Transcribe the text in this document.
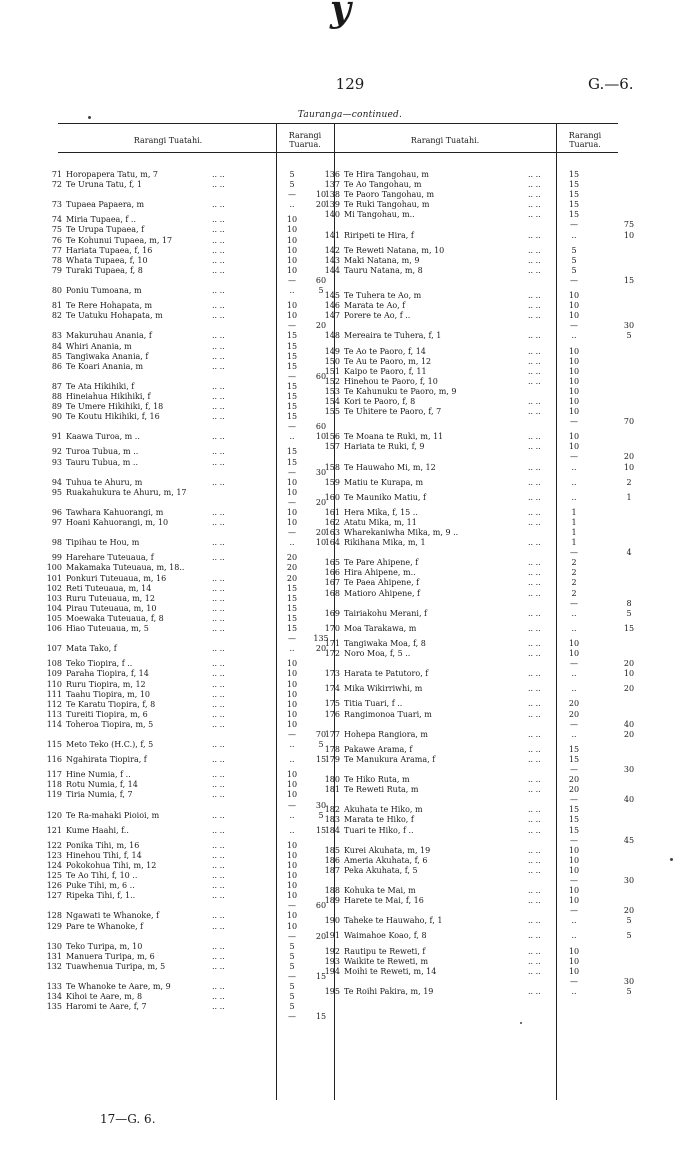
y
129	G.—6.
Tauranga—continued.
Rarangi Tuatahi.
Rarangi Tuarua.	Rarangi Tuatahi.
Rarangi Tuarua.
71 Horopapera Tatu, m, 7	.. ..	5
72 Te Uruna Tatu, f, 1	.. ..	5
—	10
73 Tupaea Papaera, m	.. ..	..	20
74 Miria Tupaea, f ..	.. ..	10
75 Te Urupa Tupaea, f	.. ..	10
76 Te Kohunui Tupaea, m, 17	.. ..	10
77 Hariata Tupaea, f, 16	.. ..	10
78 Whata Tupaea, f, 10	.. ..	10
79 Turaki Tupaea, f, 8	.. ..	10
—	60
80 Poniu Tumoana, m	.. ..	..	5
81 Te Rere Hohapata, m	.. ..	10
82 Te Uatuku Hohapata, m	.. ..	10
—	20
83 Makuruhau Anania, f	.. ..	15
84 Whiri Anania, m	.. ..	15
85 Tangiwaka Anania, f	.. ..	15
86 Te Koari Anania, m	.. ..	15
—	60
87 Te Ata Hikihiki, f	.. ..	15
88 Hineiahua Hikihiki, f	.. ..	15
89 Te Umere Hikihiki, f, 18	.. ..	15
90 Te Koutu Hikihiki, f, 16	.. ..	15
—	60
91 Kaawa Turoa, m ..	.. ..	..	10
92 Turoa Tubua, m ..	.. ..	15
93 Tauru Tubua, m ..	.. ..	15
—	30
94 Tuhua te Ahuru, m	.. ..	10
95 Ruakahukura te Ahuru, m, 17	10
—	20
96 Tawhara Kahuorangi, m	.. ..	10
97 Hoani Kahuorangi, m, 10	.. ..	10
—	20
98 Tipihau te Hou, m	.. ..	..	10
99 Harehare Tuteuaua, f	.. ..	20
100 Makamaka Tuteuaua, m, 18..	20
101 Ponkuri Tuteuaua, m, 16	.. ..	20
102 Reti Tuteuaua, m, 14	.. ..	15
103 Ruru Tuteuaua, m, 12	.. ..	15
104 Pirau Tuteuaua, m, 10	.. ..	15
105 Moewaka Tuteuaua, f, 8	.. ..	15
106 Hiao Tuteuaua, m, 5	.. ..	15
—	135
107 Mata Tako, f	.. ..	..	20
108 Teko Tiopira, f ..	.. ..	10
109 Paraha Tiopira, f, 14	.. ..	10
110 Ruru Tiopira, m, 12	.. ..	10
111 Taahu Tiopira, m, 10	.. ..	10
112 Te Karatu Tiopira, f, 8	.. ..	10
113 Tureiti Tiopira, m, 6	.. ..	10
114 Toheroa Tiopira, m, 5	.. ..	10
—	70
115 Meto Teko (H.C.), f, 5	.. ..	..	5
116 Ngahirata Tiopira, f	.. ..	..	15
117 Hine Numia, f ..	.. ..	10
118 Rotu Numia, f, 14	.. ..	10
119 Tiria Numia, f, 7	.. ..	10
—	30
120 Te Ra-mahaki Pioioi, m	.. ..	..	5
121 Kume Haahi, f..	.. ..	..	15
122 Ponika Tihi, m, 16	.. ..	10
123 Hinehou Tihi, f, 14	.. ..	10
124 Pokokohua Tihi, m, 12	.. ..	10
125 Te Ao Tihi, f, 10 ..	.. ..	10
126 Puke Tihi, m, 6 ..	.. ..	10
127 Ripeka Tihi, f, 1..	.. ..	10
—	60
128 Ngawati te Whanoke, f	.. ..	10
129 Pare te Whanoke, f	.. ..	10
—	20
130 Teko Turipa, m, 10	.. ..	5
131 Manuera Turipa, m, 6	.. ..	5
132 Tuawhenua Turipa, m, 5	.. ..	5
—	15
133 Te Whanoke te Aare, m, 9	.. ..	5
134 Kihoi te Aare, m, 8	.. ..	5
135 Haromi te Aare, f, 7	.. ..	5
—	15
136 Te Hira Tangohau, m	.. ..	15
137 Te Ao Tangohau, m	.. ..	15
138 Te Paoro Tangohau, m	.. ..	15
139 Te Ruki Tangohau, m	.. ..	15
140 Mi Tangohau, m..	.. ..	15
—	75
141 Riripeti te Hira, f	.. ..	..	10
142 Te Reweti Natana, m, 10	.. ..	5
143 Maki Natana, m, 9	.. ..	5
144 Tauru Natana, m, 8	.. ..	5
—	15
145 Te Tuhera te Ao, m	.. ..	10
146 Marata te Ao, f	.. ..	10
147 Porere te Ao, f ..	.. ..	10
—	30
148 Mereaira te Tuhera, f, 1	.. ..	..	5
149 Te Ao te Paoro, f, 14	.. ..	10
150 Te Au te Paoro, m, 12	.. ..	10
151 Kaipo te Paoro, f, 11	.. ..	10
152 Hinehou te Paoro, f, 10	.. ..	10
153 Te Kahunuku te Paoro, m, 9	10
154 Kori te Paoro, f, 8	.. ..	10
155 Te Uhitere te Paoro, f, 7	.. ..	10
—	70
156 Te Moana te Ruki, m, 11	.. ..	10
157 Hariata te Ruki, f, 9	.. ..	10
—	20
158 Te Hauwaho Mi, m, 12	.. ..	..	10
159 Matiu te Kurapa, m	.. ..	..	2
160 Te Mauniko Matiu, f	.. ..	..	1
161 Hera Mika, f, 15 ..	.. ..	1
162 Atatu Mika, m, 11	.. ..	1
163 Wharekaniwha Mika, m, 9 ..	1
164 Rikihana Mika, m, 1	.. ..	1
—	4
165 Te Pare Ahipene, f	.. ..	2
166 Hira Ahipene, m..	.. ..	2
167 Te Paea Ahipene, f	.. ..	2
168 Matioro Ahipene, f	.. ..	2
—	8
169 Tairiakohu Merani, f	.. ..	..	5
170 Moa Tarakawa, m	.. ..	..	15
171 Tangiwaka Moa, f, 8	.. ..	10
172 Noro Moa, f, 5 ..	.. ..	10
—	20
173 Harata te Patutoro, f	.. ..	..	10
174 Mika Wikirriwhi, m	.. ..	..	20
175 Titia Tuari, f ..	.. ..	20
176 Rangimonoa Tuari, m	.. ..	20
—	40
177 Hohepa Rangiora, m	.. ..	..	20
178 Pakawe Arama, f	.. ..	15
179 Te Manukura Arama, f	.. ..	15
—	30
180 Te Hiko Ruta, m	.. ..	20
181 Te Reweti Ruta, m	.. ..	20
—	40
182 Akuhata te Hiko, m	.. ..	15
183 Marata te Hiko, f	.. ..	15
184 Tuari te Hiko, f ..	.. ..	15
—	45
185 Kurei Akuhata, m, 19	.. ..	10
186 Ameria Akuhata, f, 6	.. ..	10
187 Peka Akuhata, f, 5	.. ..	10
—	30
188 Kohuka te Mai, m	.. ..	10
189 Harete te Mai, f, 16	.. ..	10
—	20
190 Taheke te Hauwaho, f, 1	.. ..	..	5
191 Waimahoe Koao, f, 8	.. ..	..	5
192 Rautipu te Reweti, f	.. ..	10
193 Waikite te Reweti, m	.. ..	10
194 Moihi te Reweti, m, 14	.. ..	10
—	30
195 Te Roihi Pakira, m, 19	.. ..	..	5
17—G. 6.
